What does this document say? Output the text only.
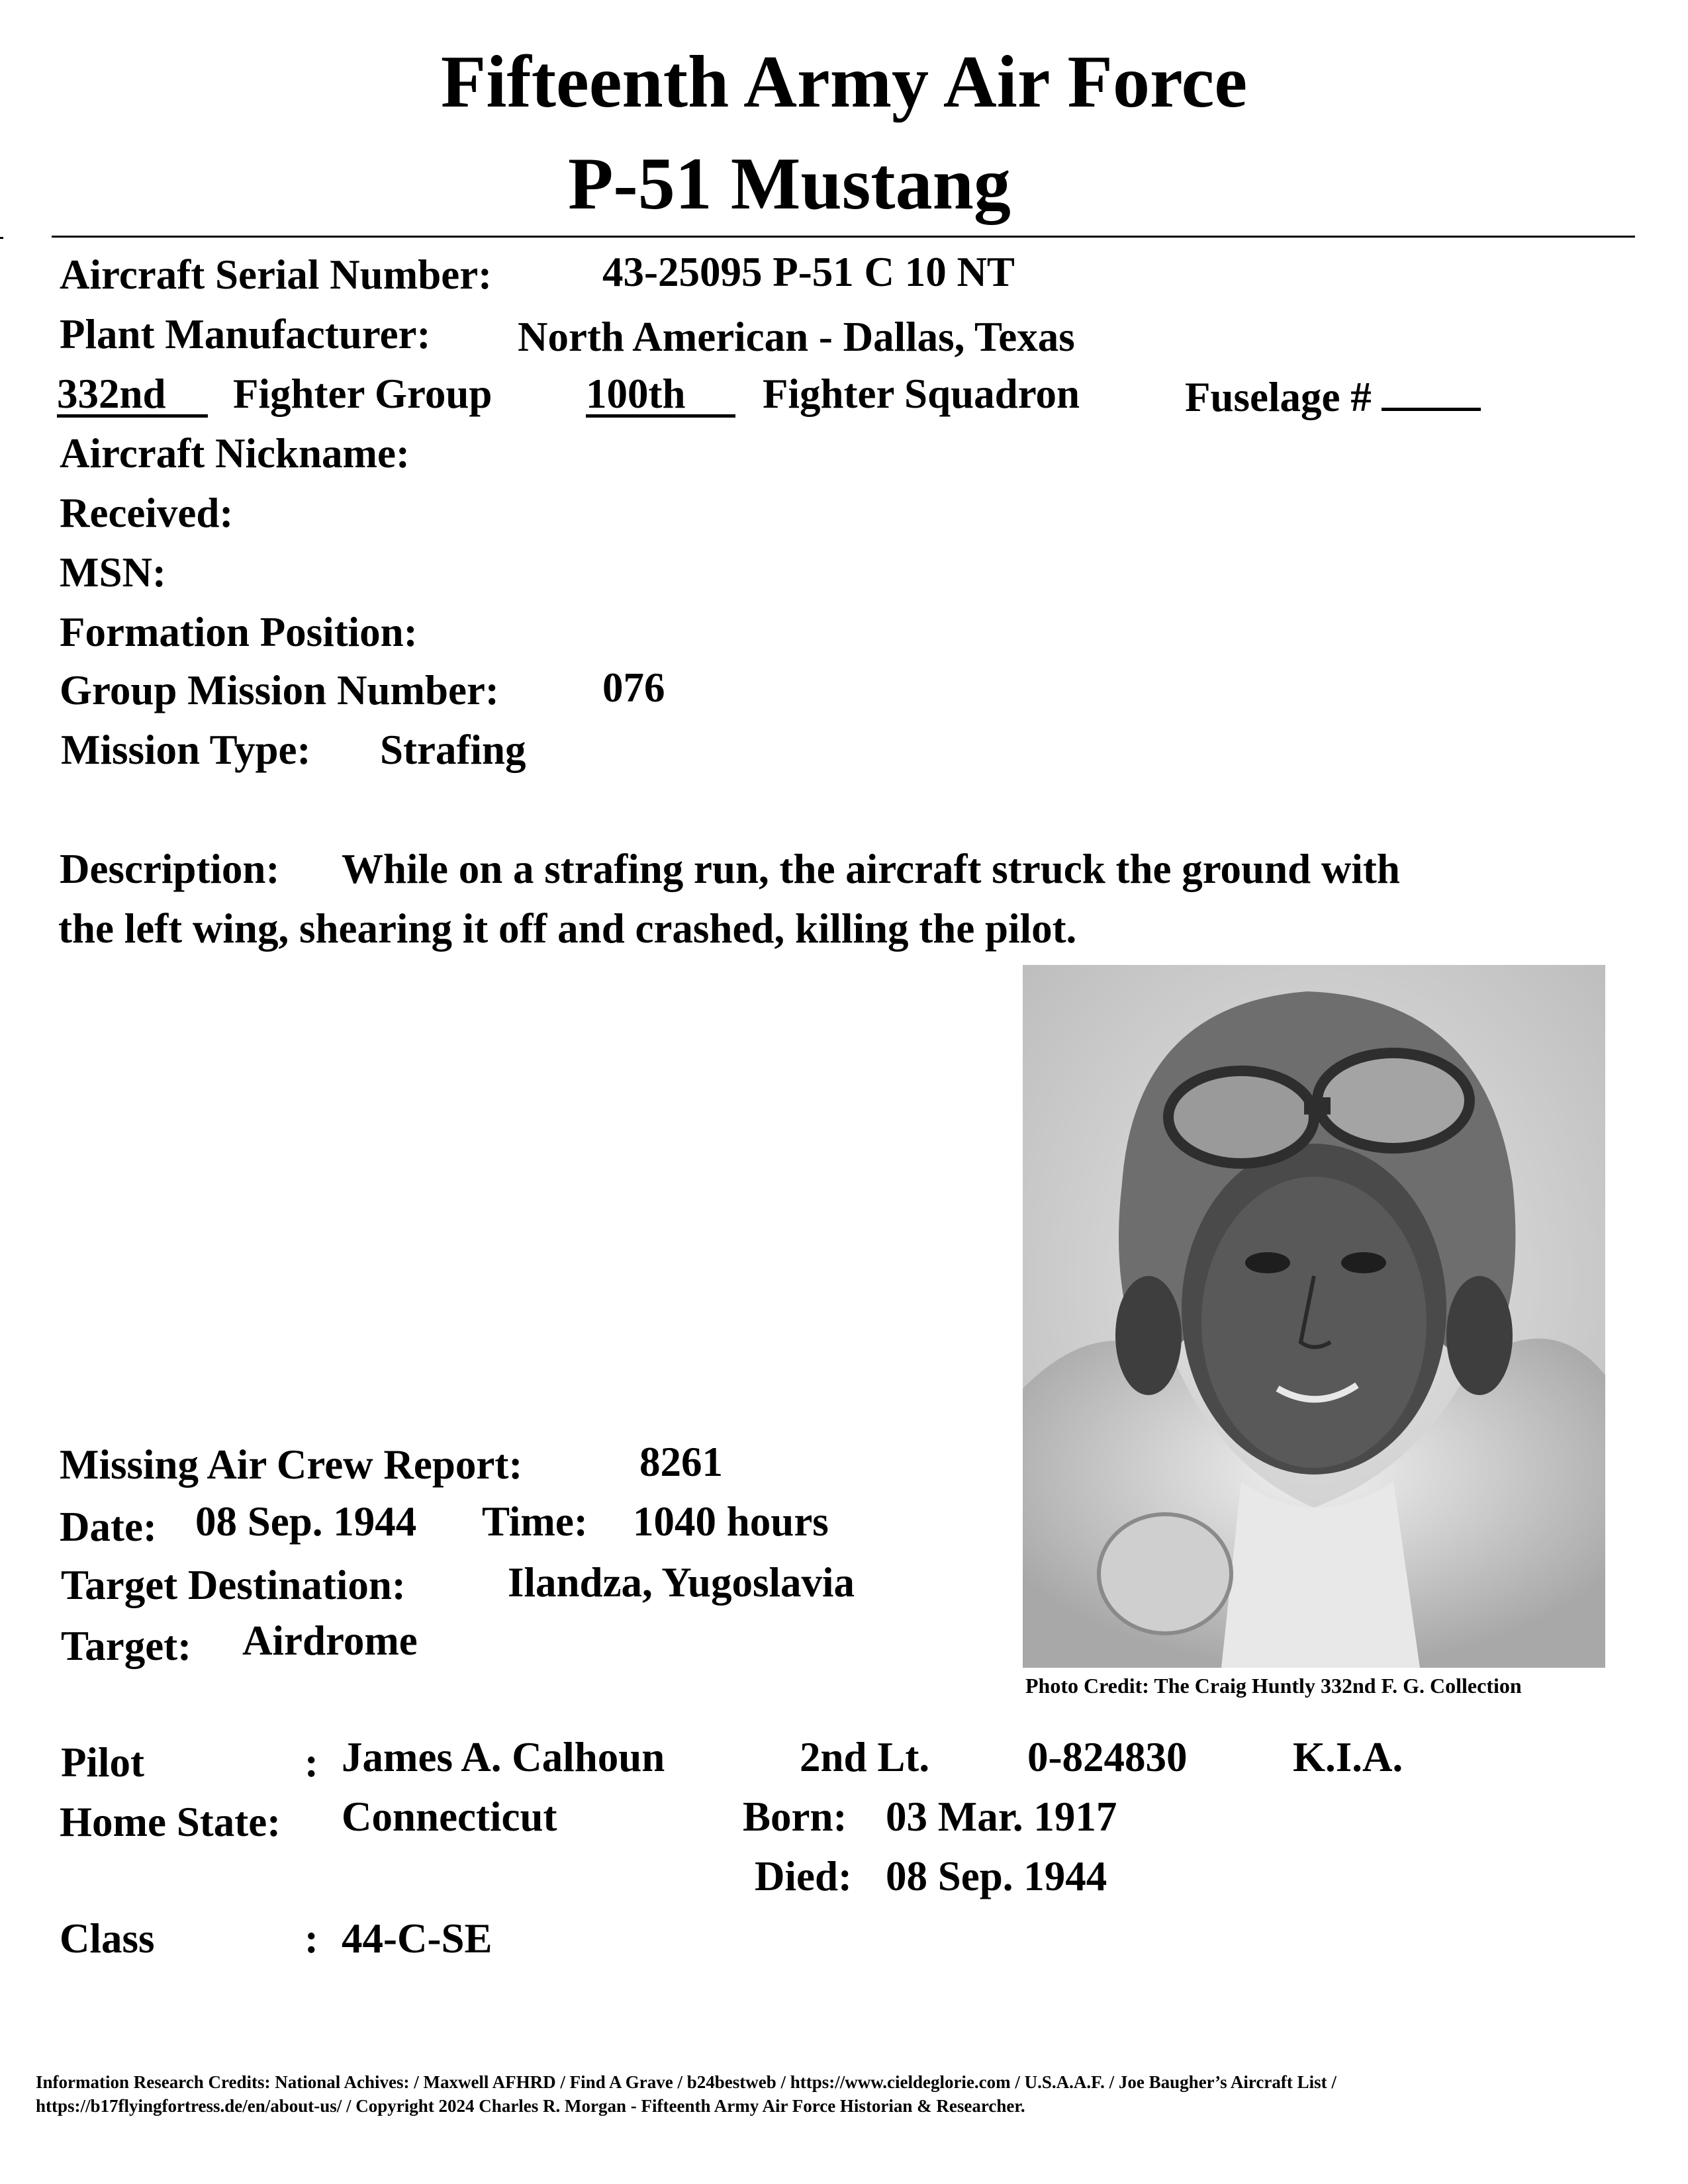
Fifteenth Army Air Force
P-51 Mustang
Aircraft Serial Number:	43-25095 P-51 C 10 NT
Plant Manufacturer: North American - Dallas, Texas
332nd	Fighter Group 100th	Fighter Squadron	Fuselage #
Aircraft Nickname:
Received:
MSN:
Formation Position:
Group Mission Number: 076
Mission Type: Strafing
Description: While on a strafing run, the aircraft struck the ground with
the left wing, shearing it off and crashed, killing the pilot.
Photo Credit: The Craig Huntly 332nd F. G. Collection
Missing Air Crew Report:	8261
Date: 08 Sep. 1944 Time: 1040 hours
Target Destination: Ilandza, Yugoslavia
Target: Airdrome
Pilot	: James A. Calhoun	2nd Lt. 0-824830	K.I.A.
Home State: Connecticut	Born: 03 Mar. 1917
Died: 08 Sep. 1944
Class	: 44-C-SE
Information Research Credits: National Achives: / Maxwell AFHRD / Find A Grave / b24bestweb / https://www.cieldeglorie.com / U.S.A.A.F. / Joe Baugher’s Aircraft List /
https://b17flyingfortress.de/en/about-us/ / Copyright 2024 Charles R. Morgan - Fifteenth Army Air Force Historian & Researcher.
